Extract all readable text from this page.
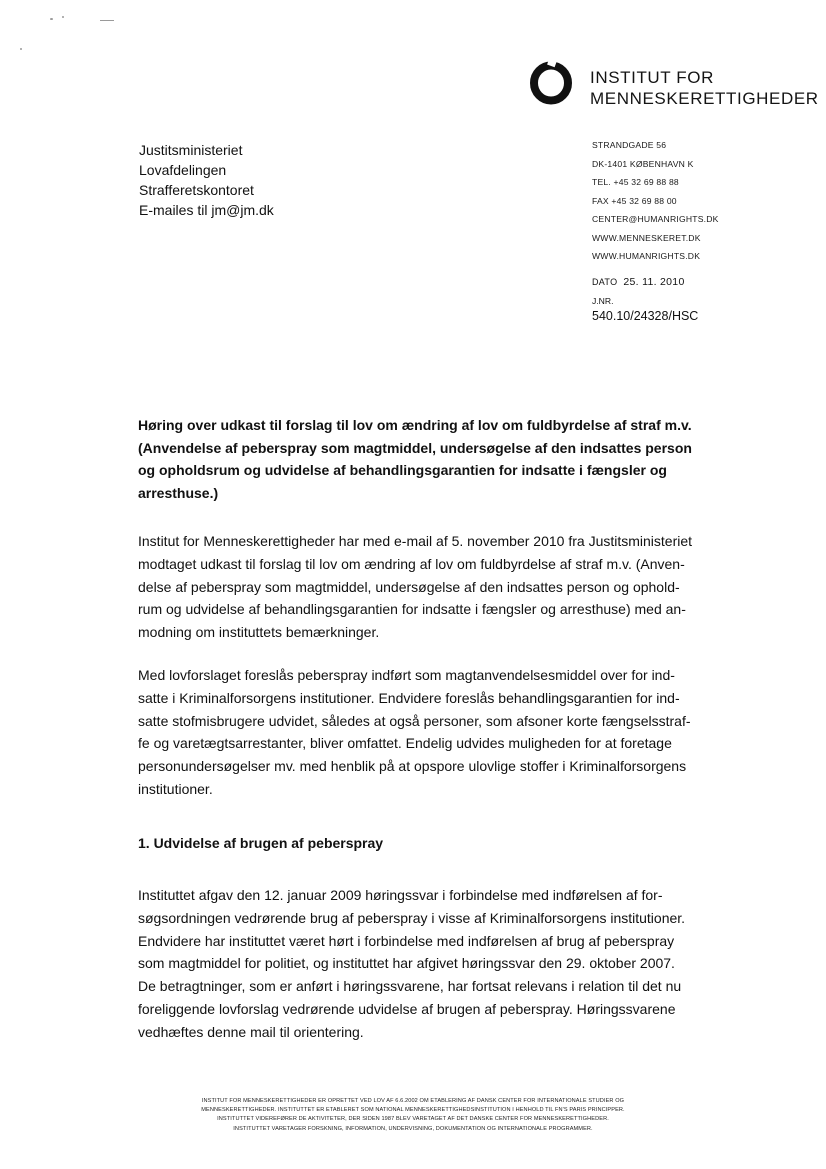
INSTITUT FOR
MENNESKERETTIGHEDER
Justitsministeriet
Lovafdelingen
Strafferetskontoret
E-mailes til jm@jm.dk
STRANDGADE 56
DK-1401 KØBENHAVN K
TEL. +45 32 69 88 88
FAX +45 32 69 88 00
CENTER@HUMANRIGHTS.DK
WWW.MENNESKERET.DK
WWW.HUMANRIGHTS.DK
DATO 25. 11. 2010
J.NR.
540.10/24328/HSC
Høring over udkast til forslag til lov om ændring af lov om fuldbyrdelse af straf m.v.
(Anvendelse af peberspray som magtmiddel, undersøgelse af den indsattes person
og opholdsrum og udvidelse af behandlingsgarantien for indsatte i fængsler og
arresthuse.)
Institut for Menneskerettigheder har med e-mail af 5. november 2010 fra Justitsministeriet
modtaget udkast til forslag til lov om ændring af lov om fuldbyrdelse af straf m.v. (Anven-
delse af peberspray som magtmiddel, undersøgelse af den indsattes person og ophold-
rum og udvidelse af behandlingsgarantien for indsatte i fængsler og arresthuse) med an-
modning om instituttets bemærkninger.
Med lovforslaget foreslås peberspray indført som magtanvendelsesmiddel over for ind-
satte i Kriminalforsorgens institutioner. Endvidere foreslås behandlingsgarantien for ind-
satte stofmisbrugere udvidet, således at også personer, som afsoner korte fængselsstraf-
fe og varetægtsarrestanter, bliver omfattet. Endelig udvides muligheden for at foretage
personundersøgelser mv. med henblik på at opspore ulovlige stoffer i Kriminalforsorgens
institutioner.
1. Udvidelse af brugen af peberspray
Instituttet afgav den 12. januar 2009 høringssvar i forbindelse med indførelsen af for-
søgsordningen vedrørende brug af peberspray i visse af Kriminalforsorgens institutioner.
Endvidere har instituttet været hørt i forbindelse med indførelsen af brug af peberspray
som magtmiddel for politiet, og instituttet har afgivet høringssvar den 29. oktober 2007.
De betragtninger, som er anført i høringssvarene, har fortsat relevans i relation til det nu
foreliggende lovforslag vedrørende udvidelse af brugen af peberspray. Høringssvarene
vedhæftes denne mail til orientering.
INSTITUT FOR MENNESKERETTIGHEDER ER OPRETTET VED LOV AF 6.6.2002 OM ETABLERING AF DANSK CENTER FOR INTERNATIONALE STUDIER OG
MENNESKERETTIGHEDER. INSTITUTTET ER ETABLERET SOM NATIONAL MENNESKERETTIGHEDSINSTITUTION I HENHOLD TIL FN'S PARIS PRINCIPPER.
INSTITUTTET VIDEREFØRER DE AKTIVITETER, DER SIDEN 1987 BLEV VARETAGET AF DET DANSKE CENTER FOR MENNESKERETTIGHEDER.
INSTITUTTET VARETAGER FORSKNING, INFORMATION, UNDERVISNING, DOKUMENTATION OG INTERNATIONALE PROGRAMMER.
